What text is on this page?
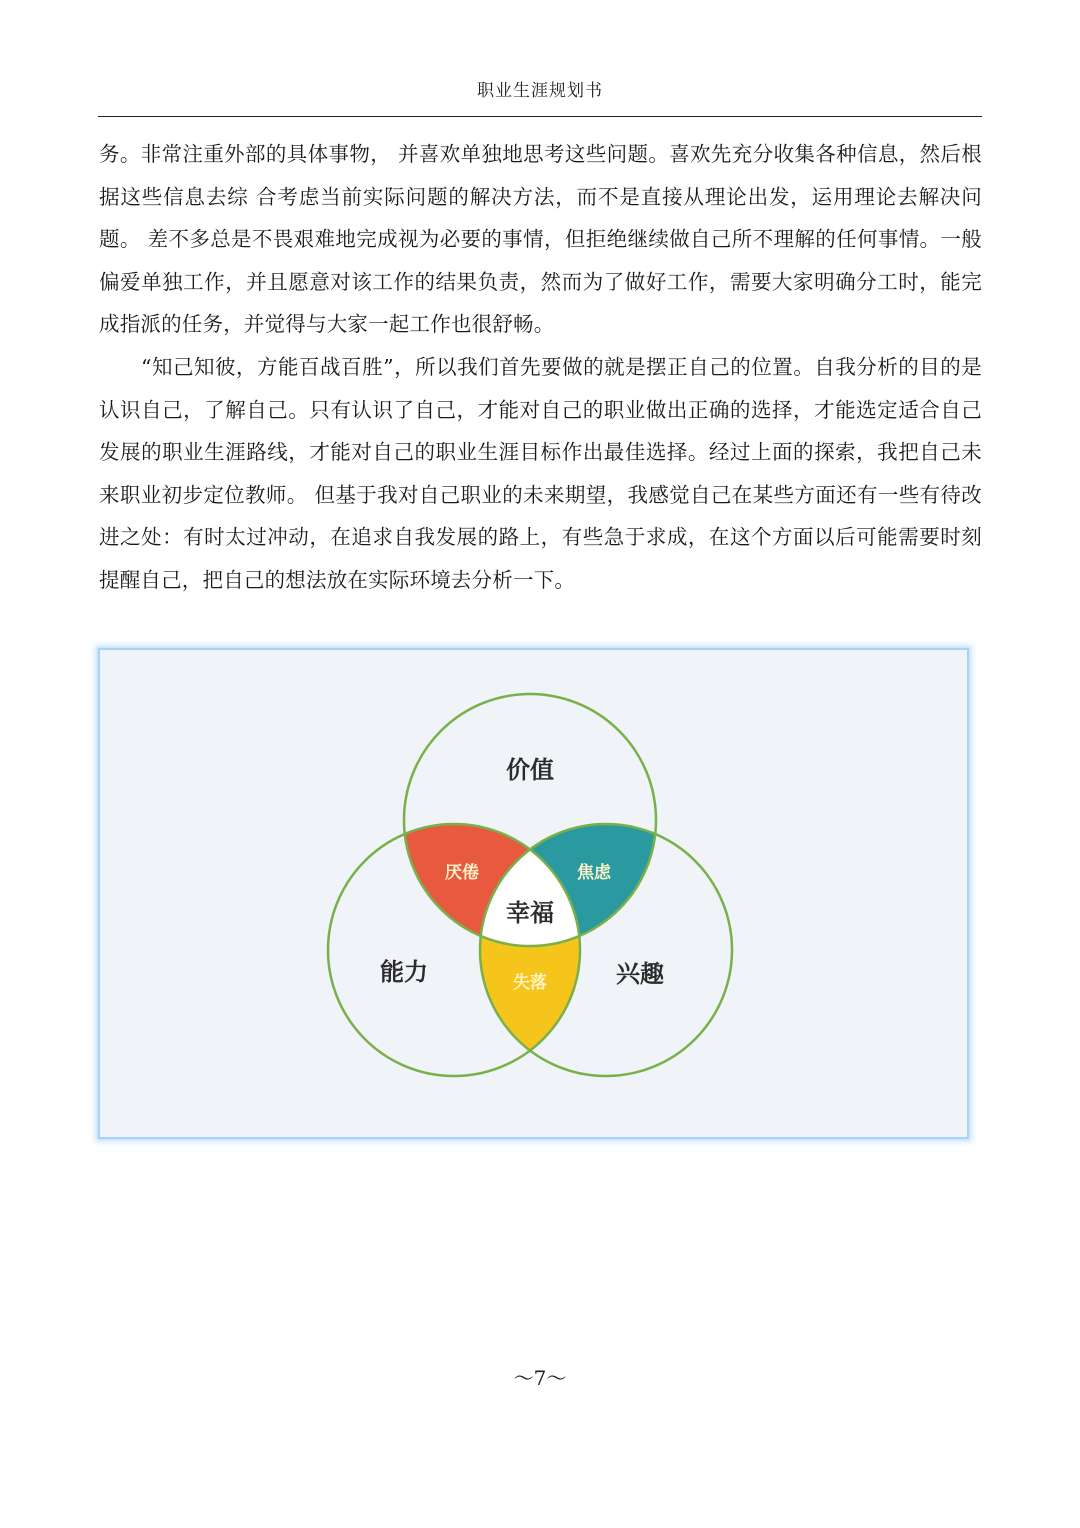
职业生涯规划书

务。非常注重外部的具体事物， 并喜欢单独地思考这些问题。喜欢先充分收集各种信息，然后根据这些信息去综 合考虑当前实际问题的解决方法，而不是直接从理论出发，运用理论去解决问题。 差不多总是不畏艰难地完成视为必要的事情，但拒绝继续做自己所不理解的任何事情。一般偏爱单独工作，并且愿意对该工作的结果负责，然而为了做好工作，需要大家明确分工时，能完成指派的任务，并觉得与大家一起工作也很舒畅。

“知己知彼，方能百战百胜”，所以我们首先要做的就是摆正自己的位置。自我分析的目的是认识自己，了解自己。只有认识了自己，才能对自己的职业做出正确的选择，才能选定适合自己发展的职业生涯路线，才能对自己的职业生涯目标作出最佳选择。经过上面的探索，我把自己未来职业初步定位教师。 但基于我对自己职业的未来期望，我感觉自己在某些方面还有一些有待改进之处：有时太过冲动，在追求自我发展的路上，有些急于求成，在这个方面以后可能需要时刻提醒自己，把自己的想法放在实际环境去分析一下。

价值
能力	兴趣
幸福
厌倦	焦虑
失落
～7～
